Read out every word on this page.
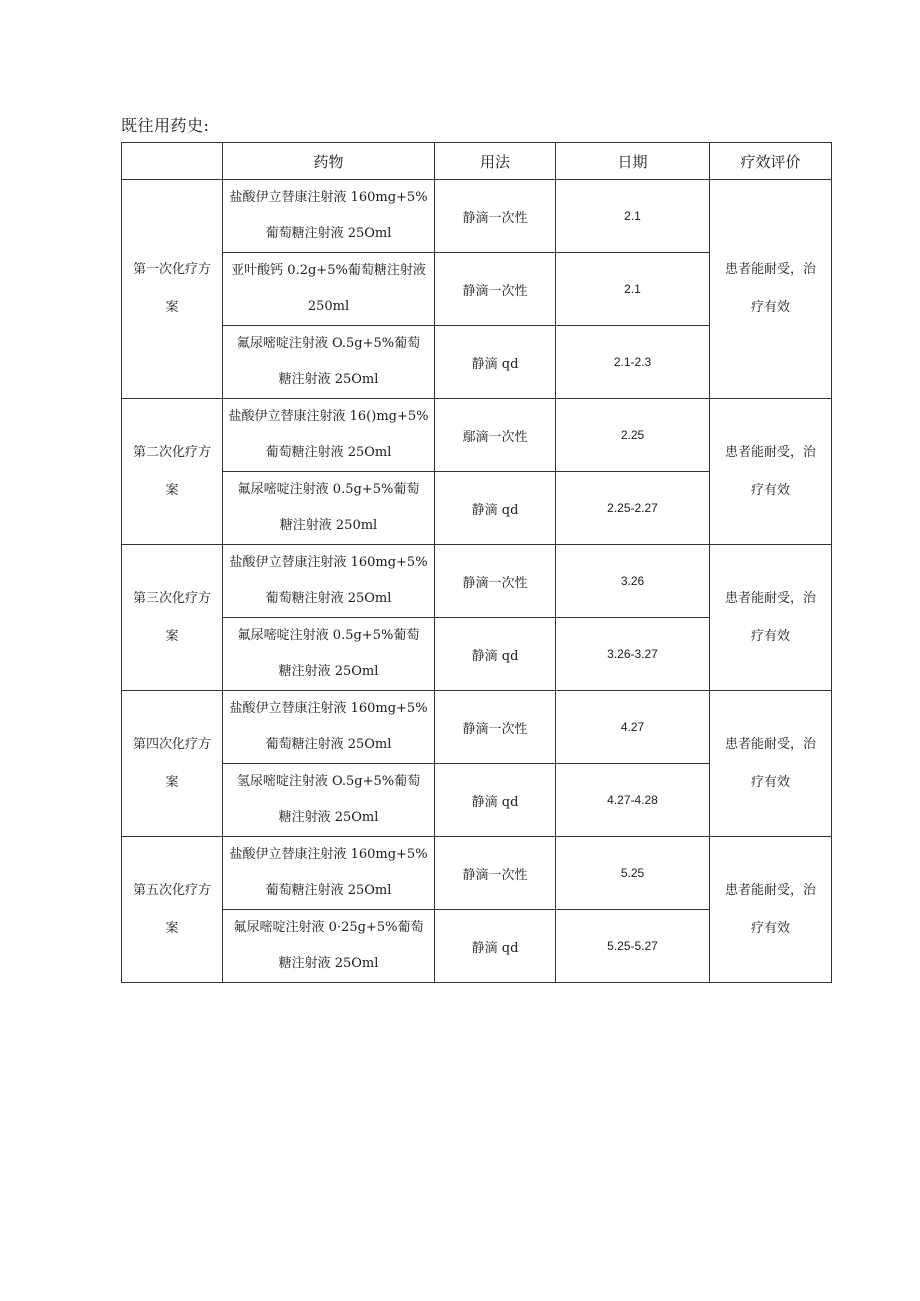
既往用药史:
	药物	用法	日期	疗效评价

第一次化疗方
案	盐酸伊立替康注射液 160mg+5%
葡萄糖注射液 25Oml	静滴一次性	2.1	患者能耐受，治
疗有效

	亚叶酸钙 0.2g+5%葡萄糖注射液
250ml	静滴一次性	2.1	

	氟尿嘧啶注射液 O.5g+5%葡萄
糖注射液 25Oml	静滴 qd	2.1-2.3	

第二次化疗方
案	盐酸伊立替康注射液 16()mg+5%
葡萄糖注射液 25Oml	鄢滴一次性	2.25	患者能耐受，治
疗有效

	氟尿嘧啶注射液 0.5g+5%葡萄
糖注射液 250ml	静滴 qd	2.25-2.27	

第三次化疗方
案	盐酸伊立替康注射液 160mg+5%
葡萄糖注射液 25Oml	静滴一次性	3.26	患者能耐受，治
疗有效

	氟尿嘧啶注射液 0.5g+5%葡萄
糖注射液 25Oml	静滴 qd	3.26-3.27	

第四次化疗方
案	盐酸伊立替康注射液 160mg+5%
葡萄糖注射液 25Oml	静滴一次性	4.27	患者能耐受，治
疗有效

	氢尿嘧啶注射液 O.5g+5%葡萄
糖注射液 25Oml	静滴 qd	4.27-4.28	

第五次化疗方
案	盐酸伊立替康注射液 160mg+5%
葡萄糖注射液 25Oml	静滴一次性	5.25	患者能耐受，治
疗有效

	氟尿嘧啶注射液 0·25g+5%葡萄
糖注射液 25Oml	静滴 qd	5.25-5.27	
